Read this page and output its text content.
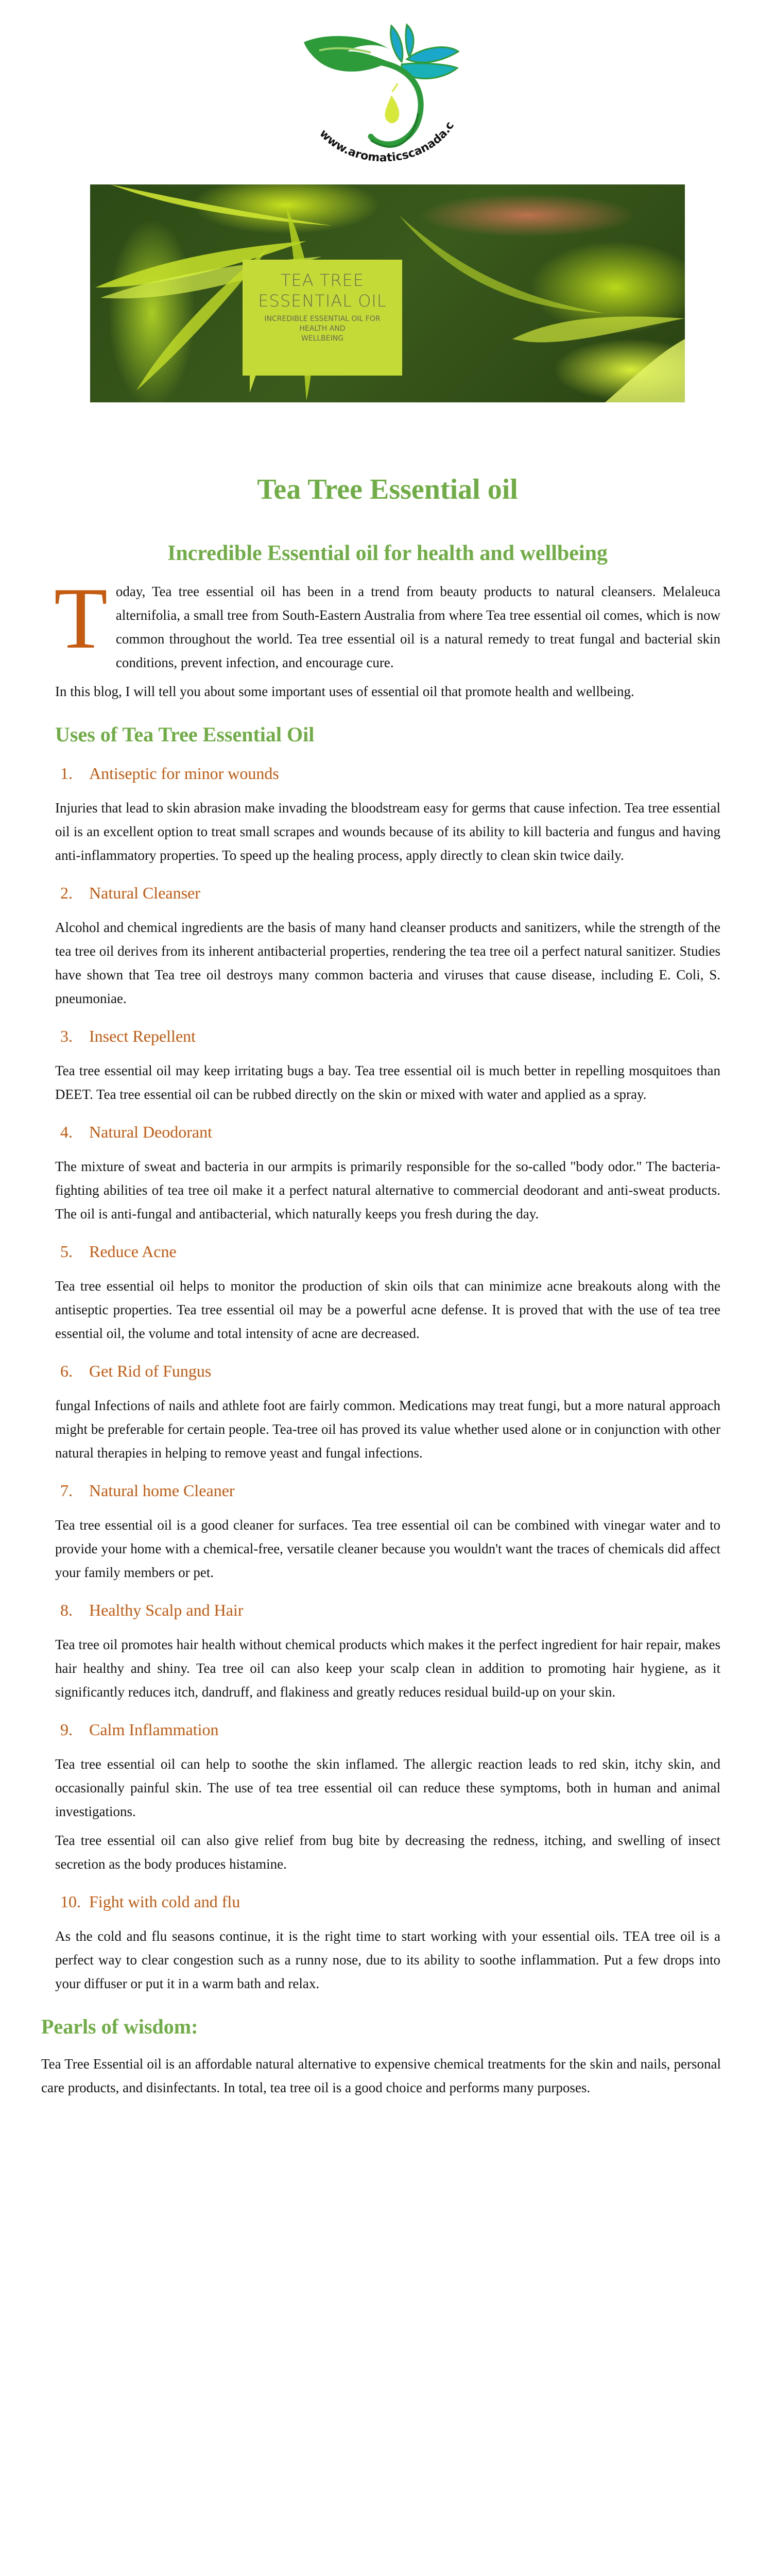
www.aromaticscanada.c
TEA TREE
ESSENTIAL OIL
INCREDIBLE ESSENTIAL OIL FOR
HEALTH AND
WELLBEING
Tea Tree Essential oil
Incredible Essential oil for health and wellbeing

Today, Tea tree essential oil has been in a trend from beauty products to natural cleansers. Melaleuca alternifolia, a small tree from South-Eastern Australia from where Tea tree essential oil comes, which is now common throughout the world. Tea tree essential oil is a natural remedy to treat fungal and bacterial skin conditions, prevent infection, and encourage cure.

In this blog, I will tell you about some important uses of essential oil that promote health and wellbeing.

Uses of Tea Tree Essential Oil
1. Antiseptic for minor wounds

Injuries that lead to skin abrasion make invading the bloodstream easy for germs that cause infection. Tea tree essential oil is an excellent option to treat small scrapes and wounds because of its ability to kill bacteria and fungus and having anti-inflammatory properties. To speed up the healing process, apply directly to clean skin twice daily.

2. Natural Cleanser

Alcohol and chemical ingredients are the basis of many hand cleanser products and sanitizers, while the strength of the tea tree oil derives from its inherent antibacterial properties, rendering the tea tree oil a perfect natural sanitizer. Studies have shown that Tea tree oil destroys many common bacteria and viruses that cause disease, including E. Coli, S. pneumoniae.

3. Insect Repellent

Tea tree essential oil may keep irritating bugs a bay. Tea tree essential oil is much better in repelling mosquitoes than DEET. Tea tree essential oil can be rubbed directly on the skin or mixed with water and applied as a spray.

4. Natural Deodorant

The mixture of sweat and bacteria in our armpits is primarily responsible for the so-called "body odor." The bacteria-fighting abilities of tea tree oil make it a perfect natural alternative to commercial deodorant and anti-sweat products. The oil is anti-fungal and antibacterial, which naturally keeps you fresh during the day.

5. Reduce Acne

Tea tree essential oil helps to monitor the production of skin oils that can minimize acne breakouts along with the antiseptic properties. Tea tree essential oil may be a powerful acne defense. It is proved that with the use of tea tree essential oil, the volume and total intensity of acne are decreased.

6. Get Rid of Fungus

fungal Infections of nails and athlete foot are fairly common. Medications may treat fungi, but a more natural approach might be preferable for certain people. Tea-tree oil has proved its value whether used alone or in conjunction with other natural therapies in helping to remove yeast and fungal infections.

7. Natural home Cleaner

Tea tree essential oil is a good cleaner for surfaces. Tea tree essential oil can be combined with vinegar water and to provide your home with a chemical-free, versatile cleaner because you wouldn't want the traces of chemicals did affect your family members or pet.

8. Healthy Scalp and Hair

Tea tree oil promotes hair health without chemical products which makes it the perfect ingredient for hair repair, makes hair healthy and shiny. Tea tree oil can also keep your scalp clean in addition to promoting hair hygiene, as it significantly reduces itch, dandruff, and flakiness and greatly reduces residual build-up on your skin.

9. Calm Inflammation

Tea tree essential oil can help to soothe the skin inflamed. The allergic reaction leads to red skin, itchy skin, and occasionally painful skin. The use of tea tree essential oil can reduce these symptoms, both in human and animal investigations.

Tea tree essential oil can also give relief from bug bite by decreasing the redness, itching, and swelling of insect secretion as the body produces histamine.

10. Fight with cold and flu

As the cold and flu seasons continue, it is the right time to start working with your essential oils. TEA tree oil is a perfect way to clear congestion such as a runny nose, due to its ability to soothe inflammation. Put a few drops into your diffuser or put it in a warm bath and relax.

Pearls of wisdom:

Tea Tree Essential oil is an affordable natural alternative to expensive chemical treatments for the skin and nails, personal care products, and disinfectants. In total, tea tree oil is a good choice and performs many purposes.
